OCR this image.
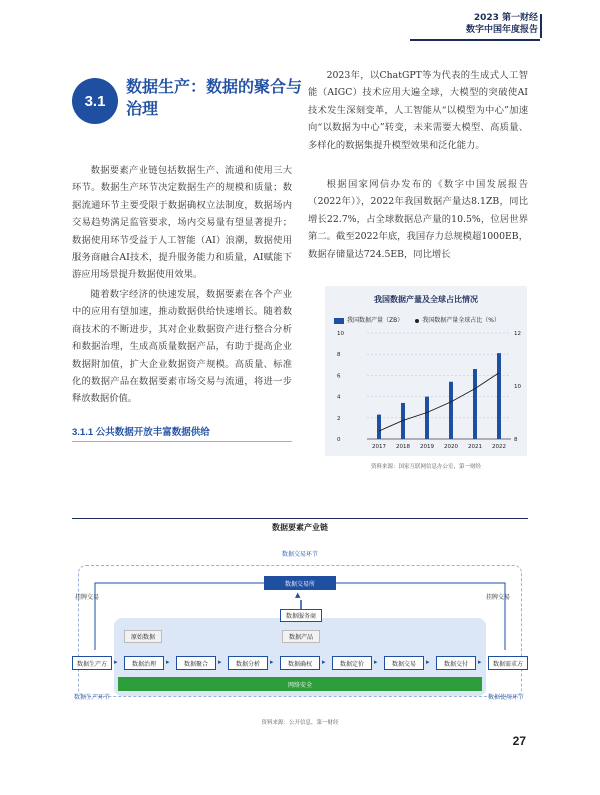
2023 第一财经
数字中国年度报告
3.1
数据生产：数据的聚合与治理

数据要素产业链包括数据生产、流通和使用三大环节。数据生产环节决定数据生产的规模和质量；数据流通环节主要受限于数据确权立法制度，数据场内交易趋势满足监管要求，场内交易量有望显著提升；数据使用环节受益于人工智能（AI）浪潮，数据使用服务商融合AI技术，提升服务能力和质量，AI赋能下游应用场景提升数据使用效果。

随着数字经济的快速发展，数据要素在各个产业中的应用有望加速，推动数据供给快速增长。随着数商技术的不断进步，其对企业数据资产进行整合分析和数据治理，生成高质量数据产品，有助于提高企业数据附加值，扩大企业数据资产规模。高质量、标准化的数据产品在数据要素市场交易与流通，将进一步释放数据价值。

3.1.1 公共数据开放丰富数据供给

2023年，以ChatGPT等为代表的生成式人工智能（AIGC）技术应用大遍全球，大模型的突破使AI技术发生深刻变革，人工智能从“以模型为中心”加速向“以数据为中心”转变，未来需要大模型、高质量、多样化的数据集提升模型效果和泛化能力。

根据国家网信办发布的《数字中国发展报告（2022年）》，2022年我国数据产量达8.1ZB，同比增长22.7%，占全球数据总产量的10.5%，位居世界第二。截至2022年底，我国存力总规模超1000EB，数据存储量达724.5EB，同比增长

我国数据产量及全球占比情况
我国数据产量（ZB）	我国数据产量全球占比（%）
0
2
4
6
8
10
8
10
12
2017 2018 2019 2020 2021 2022
资料来源：国家互联网信息办公室，第一财经
数据要素产业链
数据交易环节
数据交易所
▲
数据服务商
挂牌交易	挂牌交易
原始数据	数据产品
数据生产方	数据需求方
数据治理	数据聚合	数据分析	数据确权	数据定价	数据交易	数据交付
▸	▸	▸	▸	▸	▸	▸	▸
网络安全
数据生产环节	数据使用环节
资料来源：公开信息，第一财经
27
